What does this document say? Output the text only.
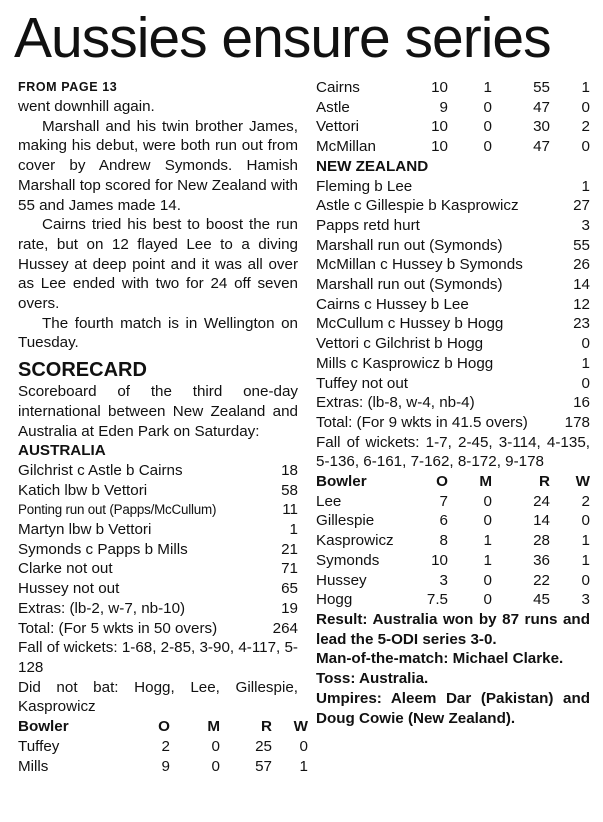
Aussies ensure series
FROM PAGE 13

went downhill again.

Marshall and his twin brother James, making his debut, were both run out from cover by Andrew Symonds. Hamish Marshall top scored for New Zealand with 55 and James made 14.

Cairns tried his best to boost the run rate, but on 12 flayed Lee to a diving Hussey at deep point and it was all over as Lee ended with two for 24 off seven overs.

The fourth match is in Wellington on Tuesday.

SCORECARD

Scoreboard of the third one-day international between New Zealand and Australia at Eden Park on Saturday:

AUSTRALIA
Gilchrist c Astle b Cairns	18
Katich lbw b Vettori	58
Ponting run out (Papps/McCullum)	11
Martyn lbw b Vettori	1
Symonds c Papps b Mills	21
Clarke not out	71
Hussey not out	65
Extras: (lb-2, w-7, nb-10)	19
Total: (For 5 wkts in 50 overs)	264

Fall of wickets: 1-68, 2-85, 3-90, 4-117, 5-128

Did not bat: Hogg, Lee, Gillespie, Kasprowicz

Bowler	O	M	R	W
Tuffey	2	0	25	0
Mills	9	0	57	1
Cairns	10	1	55	1
Astle	9	0	47	0
Vettori	10	0	30	2
McMillan	10	0	47	0
NEW ZEALAND
Fleming b Lee	1
Astle c Gillespie b Kasprowicz	27
Papps retd hurt	3
Marshall run out (Symonds)	55
McMillan c Hussey b Symonds	26
Marshall run out (Symonds)	14
Cairns c Hussey b Lee	12
McCullum c Hussey b Hogg	23
Vettori c Gilchrist b Hogg	0
Mills c Kasprowicz b Hogg	1
Tuffey not out	0
Extras: (lb-8, w-4, nb-4)	16
Total: (For 9 wkts in 41.5 overs)	178

Fall of wickets: 1-7, 2-45, 3-114, 4-135, 5-136, 6-161, 7-162, 8-172, 9-178

Bowler	O	M	R	W
Lee	7	0	24	2
Gillespie	6	0	14	0
Kasprowicz	8	1	28	1
Symonds	10	1	36	1
Hussey	3	0	22	0
Hogg	7.5	0	45	3

Result: Australia won by 87 runs and lead the 5-ODI series 3-0.

Man-of-the-match: Michael Clarke.

Toss: Australia.

Umpires: Aleem Dar (Pakistan) and Doug Cowie (New Zealand).
